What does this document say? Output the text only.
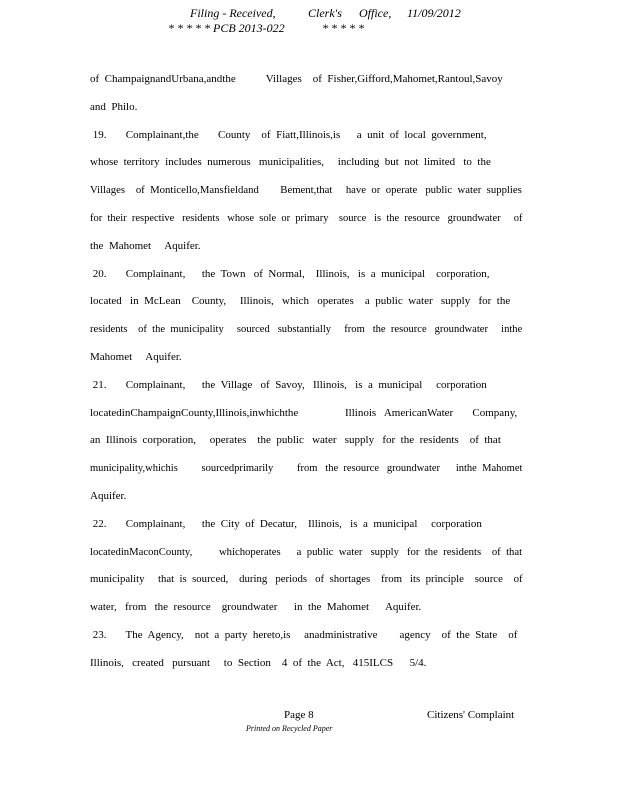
Filing - Received,	Clerk's Office, 11/09/2012
* * * * * PCB 2013-022	* * * * *
of  ChampaignandUrbana,andthe           Villages    of  Fisher,Gifford,Mahomet,Rantoul,Savoy
and  Philo.
19.       Complainant,the       County    of  Fiatt,Illinois,is      a  unit  of  local  government,
whose  territory  includes  numerous   municipalities,     including  but  not  limited   to  the
Villages    of  Monticello,Mansfieldand        Bement,that     have  or  operate   public  water  supplies
for  their  respective   residents   whose  sole  or  primary    source   is  the  resource   groundwater     of
the  Mahomet     Aquifer.
20.       Complainant,      the  Town   of  Normal,    Illinois,   is  a  municipal    corporation,
located   in  McLean    County,     Illinois,   which   operates    a  public  water   supply   for  the
residents    of  the  municipality     sourced   substantially     from   the  resource   groundwater     inthe
Mahomet     Aquifer.
21.       Complainant,      the  Village   of  Savoy,   Illinois,   is  a  municipal     corporation
locatedinChampaignCounty,Illinois,inwhichthe                 Illinois   AmericanWater       Company,
an  Illinois  corporation,     operates    the  public   water   supply   for  the  residents    of  that
municipality,whichis         sourcedprimarily         from   the  resource   groundwater      inthe  Mahomet
Aquifer.
22.       Complainant,      the  City  of  Decatur,    Illinois,   is  a  municipal     corporation
locatedinMaconCounty,          whichoperates      a  public  water   supply   for  the  residents    of  that
municipality     that  is  sourced,    during   periods   of  shortages    from   its  principle    source    of
water,   from   the  resource    groundwater      in  the  Mahomet      Aquifer.
23.       The  Agency,    not  a  party  hereto,is     anadministrative        agency    of  the  State    of
Illinois,   created   pursuant     to  Section    4  of  the  Act,   415ILCS      5/4.
Page 8	Citizens' Complaint
Printed on Recycled Paper
